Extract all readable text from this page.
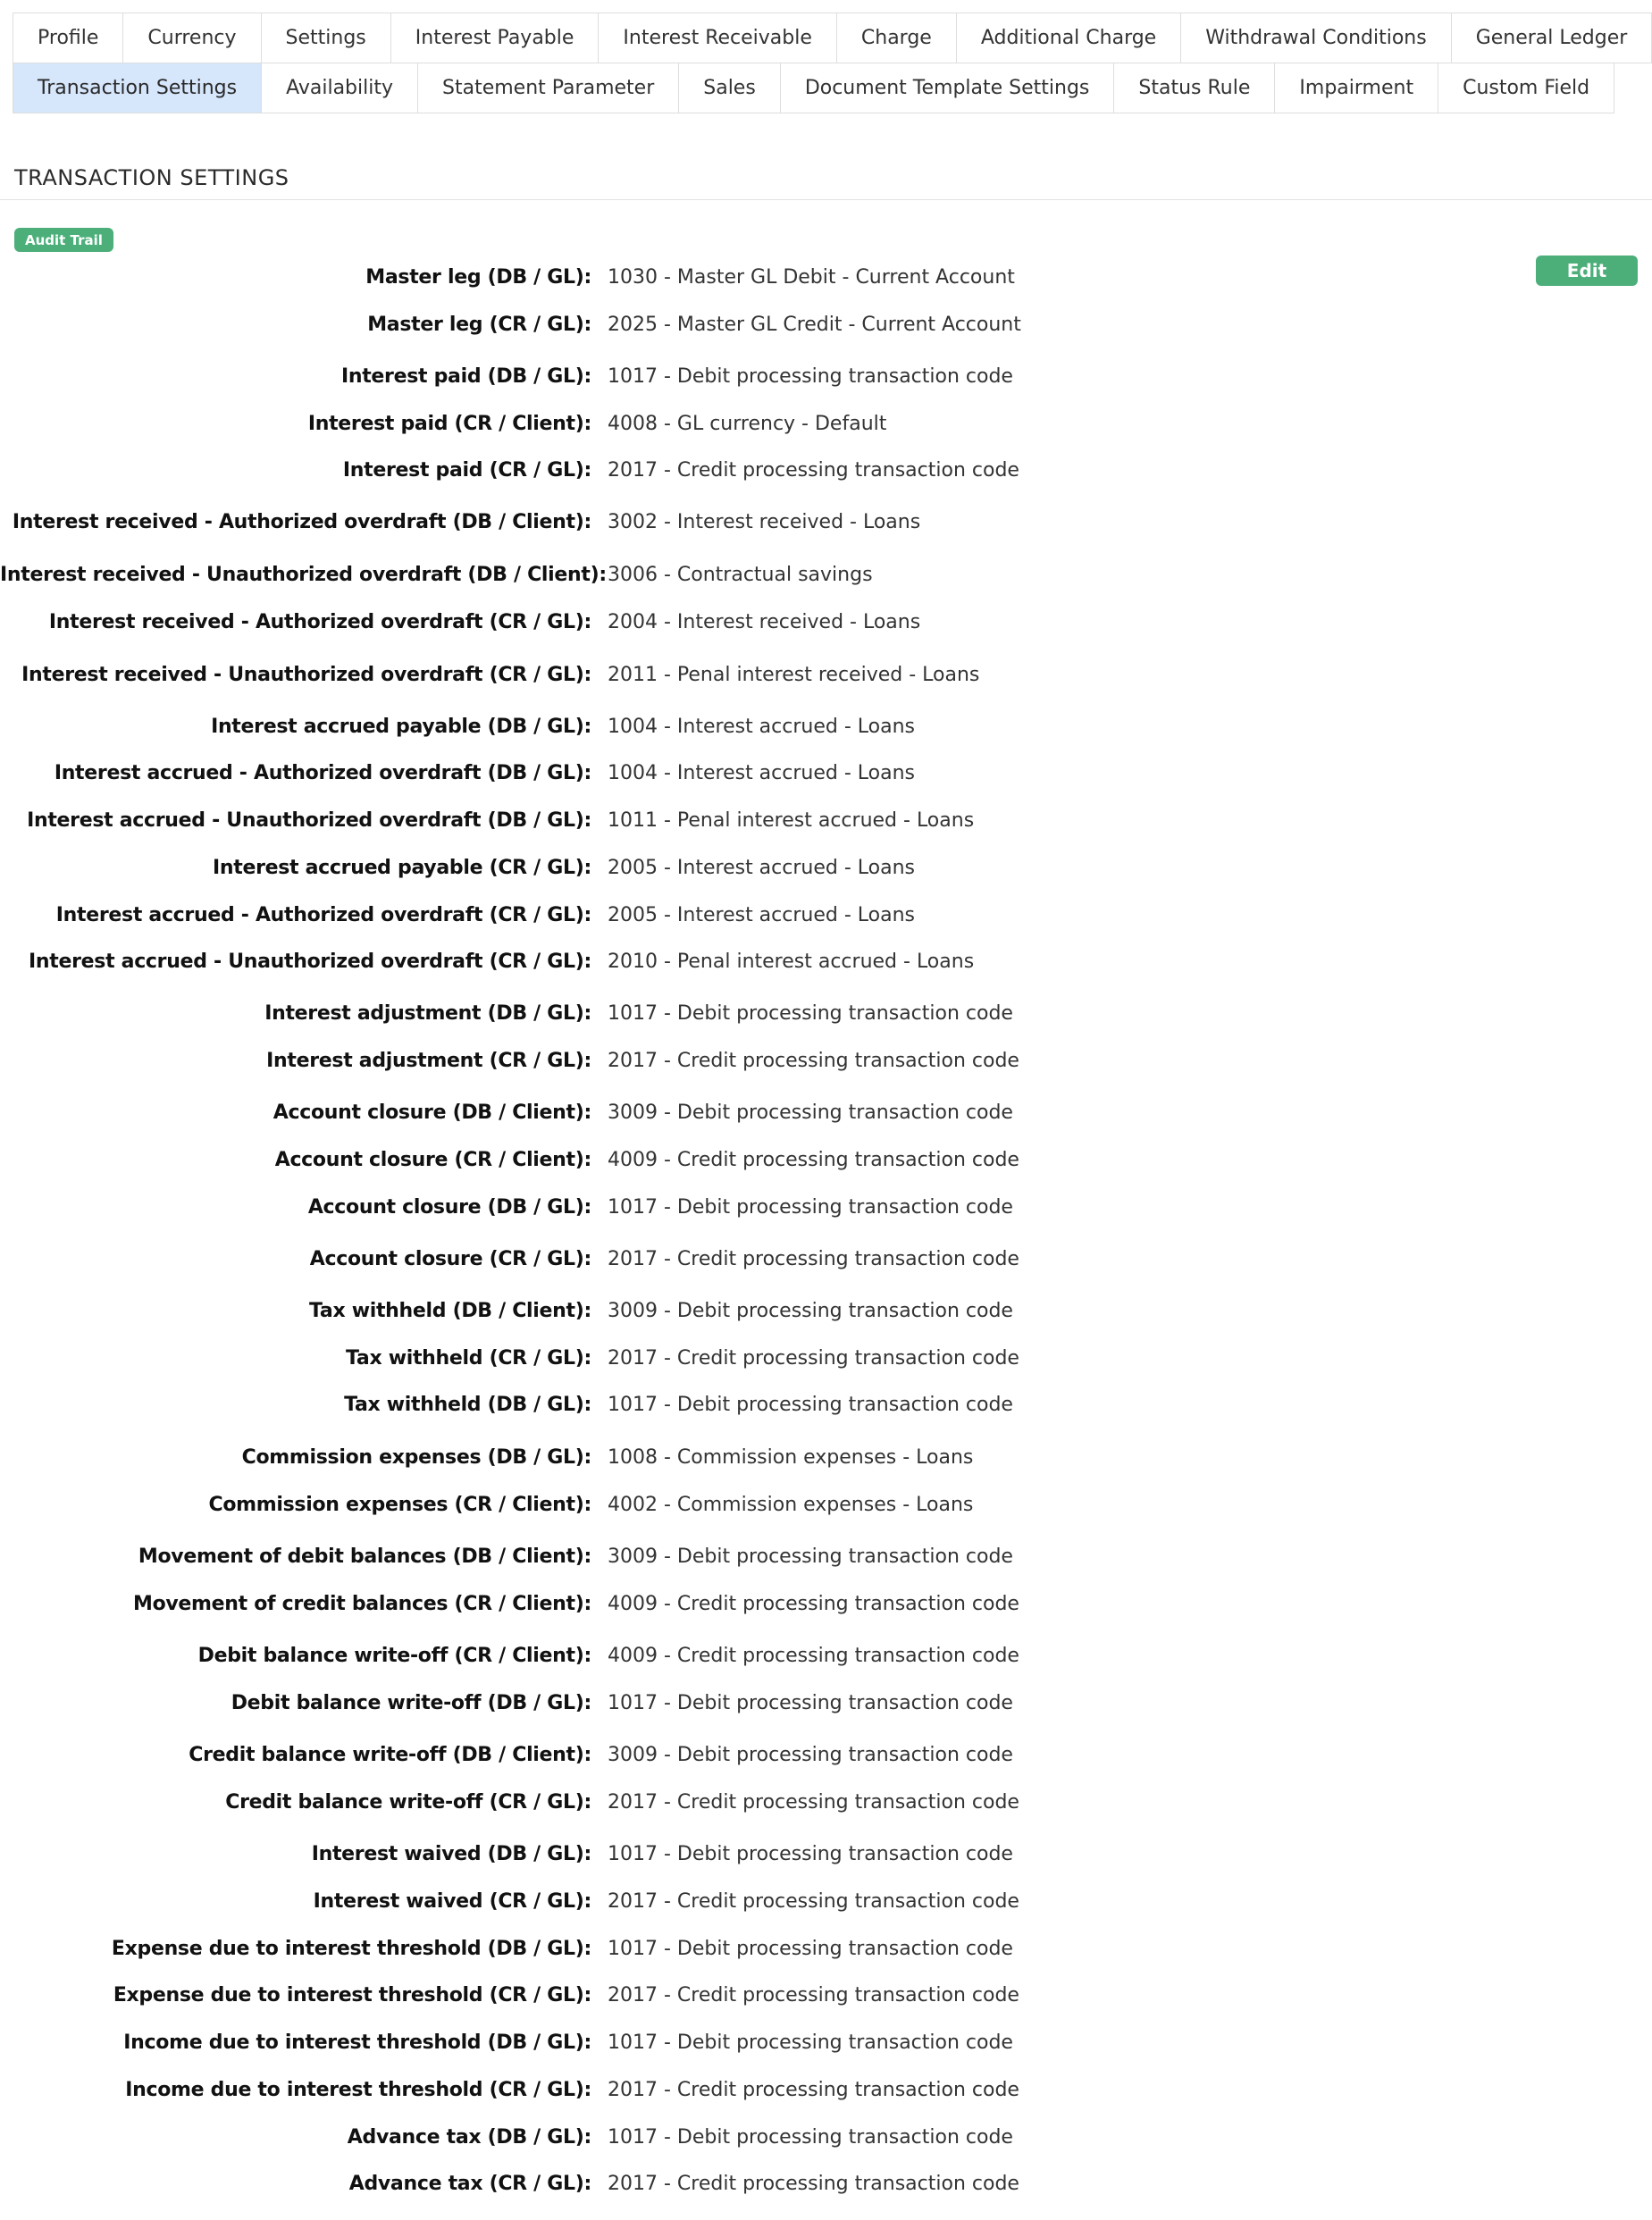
Profile	Currency	Settings	Interest Payable	Interest Receivable	Charge	Additional Charge	Withdrawal Conditions	General Ledger
Transaction Settings	Availability	Statement Parameter	Sales	Document Template Settings	Status Rule	Impairment	Custom Field
TRANSACTION SETTINGS
Audit Trail
Edit
Master leg (DB / GL): 1030 - Master GL Debit - Current Account
Master leg (CR / GL): 2025 - Master GL Credit - Current Account
Interest paid (DB / GL): 1017 - Debit processing transaction code
Interest paid (CR / Client): 4008 - GL currency - Default
Interest paid (CR / GL): 2017 - Credit processing transaction code
Interest received - Authorized overdraft (DB / Client): 3002 - Interest received - Loans
Interest received - Unauthorized overdraft (DB / Client): 3006 - Contractual savings
Interest received - Authorized overdraft (CR / GL): 2004 - Interest received - Loans
Interest received - Unauthorized overdraft (CR / GL): 2011 - Penal interest received - Loans
Interest accrued payable (DB / GL): 1004 - Interest accrued - Loans
Interest accrued - Authorized overdraft (DB / GL): 1004 - Interest accrued - Loans
Interest accrued - Unauthorized overdraft (DB / GL): 1011 - Penal interest accrued - Loans
Interest accrued payable (CR / GL): 2005 - Interest accrued - Loans
Interest accrued - Authorized overdraft (CR / GL): 2005 - Interest accrued - Loans
Interest accrued - Unauthorized overdraft (CR / GL): 2010 - Penal interest accrued - Loans
Interest adjustment (DB / GL): 1017 - Debit processing transaction code
Interest adjustment (CR / GL): 2017 - Credit processing transaction code
Account closure (DB / Client): 3009 - Debit processing transaction code
Account closure (CR / Client): 4009 - Credit processing transaction code
Account closure (DB / GL): 1017 - Debit processing transaction code
Account closure (CR / GL): 2017 - Credit processing transaction code
Tax withheld (DB / Client): 3009 - Debit processing transaction code
Tax withheld (CR / GL): 2017 - Credit processing transaction code
Tax withheld (DB / GL): 1017 - Debit processing transaction code
Commission expenses (DB / GL): 1008 - Commission expenses - Loans
Commission expenses (CR / Client): 4002 - Commission expenses - Loans
Movement of debit balances (DB / Client): 3009 - Debit processing transaction code
Movement of credit balances (CR / Client): 4009 - Credit processing transaction code
Debit balance write-off (CR / Client): 4009 - Credit processing transaction code
Debit balance write-off (DB / GL): 1017 - Debit processing transaction code
Credit balance write-off (DB / Client): 3009 - Debit processing transaction code
Credit balance write-off (CR / GL): 2017 - Credit processing transaction code
Interest waived (DB / GL): 1017 - Debit processing transaction code
Interest waived (CR / GL): 2017 - Credit processing transaction code
Expense due to interest threshold (DB / GL): 1017 - Debit processing transaction code
Expense due to interest threshold (CR / GL): 2017 - Credit processing transaction code
Income due to interest threshold (DB / GL): 1017 - Debit processing transaction code
Income due to interest threshold (CR / GL): 2017 - Credit processing transaction code
Advance tax (DB / GL): 1017 - Debit processing transaction code
Advance tax (CR / GL): 2017 - Credit processing transaction code
